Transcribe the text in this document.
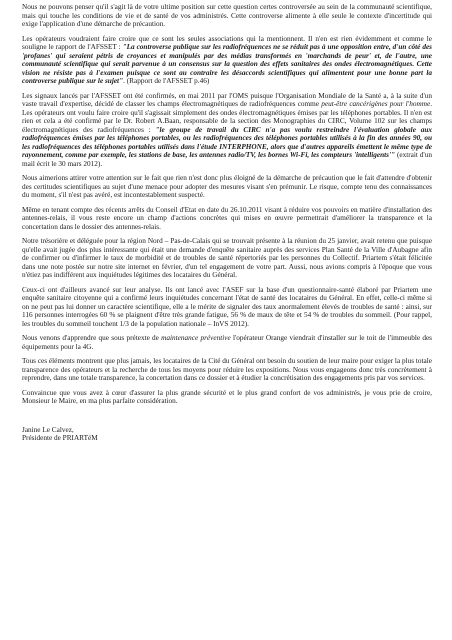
Nous ne pouvons penser qu'il s'agit là de votre ultime position sur cette question certes controversée au sein de la communauté scientifique, mais qui touche les conditions de vie et de santé de vos administrés. Cette controverse alimente à elle seule le contexte d'incertitude qui exige l'application d'une démarche de précaution.

Les opérateurs voudraient faire croire que ce sont les seules associations qui la mentionnent. Il n'en est rien évidemment et comme le souligne le rapport de l'AFSSET : "La controverse publique sur les radiofréquences ne se réduit pas à une opposition entre, d'un côté des 'profanes' qui seraient pétris de croyances et manipulés par des médias transformés en 'marchands de peur' et, de l'autre, une communauté scientifique qui serait parvenue à un consensus sur la question des effets sanitaires des ondes électromagnétiques. Cette vision ne résiste pas à l'examen puisque ce sont au contraire les désaccords scientifiques qui alimentent pour une bonne part la controverse publique sur le sujet". (Rapport de l'AFSSET p.46)

Les signaux lancés par l'AFSSET ont été confirmés, en mai 2011 par l'OMS puisque l'Organisation Mondiale de la Santé a, à la suite d'un vaste travail d'expertise, décidé de classer les champs électromagnétiques de radiofréquences comme peut-être cancérigènes pour l'homme. Les opérateurs ont voulu faire croire qu'il s'agissait simplement des ondes électromagnétiques émises par les téléphones portables. Il n'en est rien et cela a été confirmé par le Dr. Robert A.Baan, responsable de la section des Monographies du CIRC, Volume 102 sur les champs électromagnétiques des radiofréquences : "le groupe de travail du CIRC n'a pas voulu restreindre l'évaluation globale aux radiofréquences émises par les téléphones portables, ou les radiofréquences des téléphones portables utilisés à la fin des années 90, ou les radiofréquences des téléphones portables utilisés dans l'étude INTERPHONE, alors que d'autres appareils émettent le même type de rayonnement, comme par exemple, les stations de base, les antennes radio/TV, les bornes Wi-Fi, les compteurs 'intelligents'" (extrait d'un mail écrit le 30 mars 2012).

Nous aimerions attirer votre attention sur le fait que rien n'est donc plus éloigné de la démarche de précaution que le fait d'attendre d'obtenir des certitudes scientifiques au sujet d'une menace pour adopter des mesures visant s'en prémunir. Le risque, compte tenu des connaissances du moment, s'il n'est pas avéré, est incontestablement suspecté.

Même en tenant compte des récents arrêts du Conseil d'Etat en date du 26.10.2011 visant à réduire vos pouvoirs en matière d'installation des antennes-relais, il vous reste encore un champ d'actions concrètes qui mises en œuvre permettrait d'améliorer la transparence et la concertation dans le dossier des antennes-relais.

Notre trésorière et déléguée pour la région Nord – Pas-de-Calais qui se trouvait présente à la réunion du 25 janvier, avait retenu que puisque qu'elle avait jugée dos plus intéressante qui était une demande d'enquête sanitaire auprès des services Plan Santé de la Ville d'Aubagne afin de confirmer ou d'infirmer le taux de morbidité et de troubles de santé répertoriés par les personnes du Collectif. Priartem s'était félicitée dans une note postée sur notre site internet en février, d'un tel engagement de votre part. Aussi, nous avions compris à l'époque que vous n'étiez pas indifférent aux inquiétudes légitimes des locataires du Général.

Ceux-ci ont d'ailleurs avancé sur leur analyse. Ils ont lancé avec l'ASEF sur la base d'un questionnaire-santé élaboré par Priartem une enquête sanitaire citoyenne qui a confirmé leurs inquiétudes concernant l'état de santé des locataires du Général. En effet, celle-ci même si on ne peut pas lui donner un caractère scientifique, elle a le mérite de signaler des taux anormalement élevés de troubles de santé : ainsi, sur 116 personnes interrogées 60 % se plaignent d'être très grande fatigue, 56 % de maux de tête et 54 % de troubles du sommeil. (Pour rappel, les troubles du sommeil touchent 1/3 de la population nationale – InVS 2012).

Nous venons d'apprendre que sous prétexte de maintenance préventive l'opérateur Orange viendrait d'installer sur le toit de l'immeuble des équipements pour la 4G.

Tous ces éléments montrent que plus jamais, les locataires de la Cité du Général ont besoin du soutien de leur maire pour exiger la plus totale transparence des opérateurs et la recherche de tous les moyens pour réduire les expositions. Nous vous engageons donc très concrètement à reprendre, dans une totale transparence, la concertation dans ce dossier et à étudier la concrétisation des engagements pris par vos services.

Convaincue que vous avez à cœur d'assurer la plus grande sécurité et le plus grand confort de vos administrés, je vous prie de croire, Monsieur le Maire, en ma plus parfaite considération.

Janine Le Calvez,

Présidente de PRIARTéM
